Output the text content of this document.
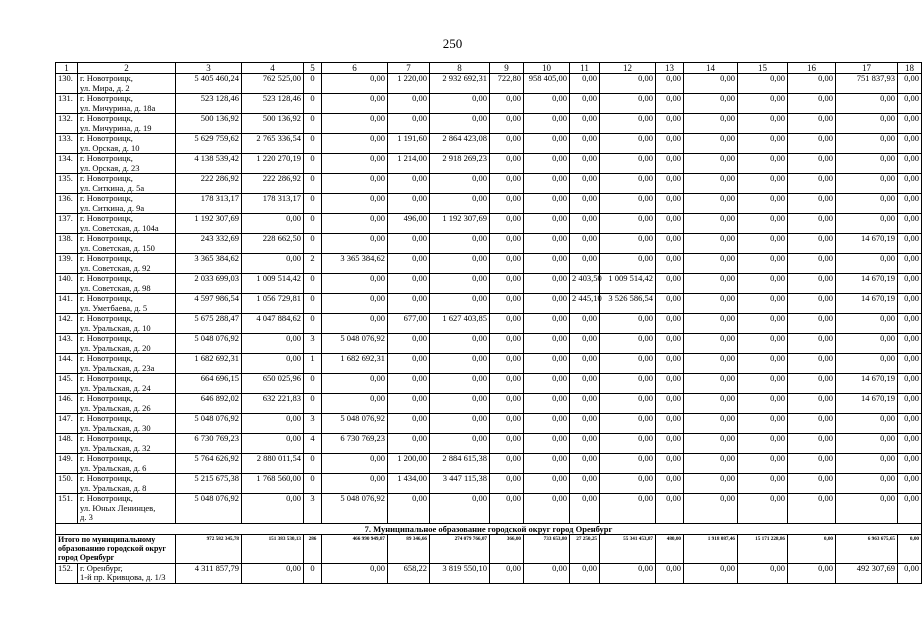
250
1	2	3	4	5	6	7	8	9	10	11	12	13	14	15	16	17	18
130.	г. Новотроицк,
ул. Мира, д. 2	5 405 460,24	762 525,00	0	0,00	1 220,00	2 932 692,31	722,80	958 405,00	0,00	0,00	0,00	0,00	0,00	0,00	751 837,93	0,00
131.	г. Новотроицк,
ул. Мичурина, д. 18а	523 128,46	523 128,46	0	0,00	0,00	0,00	0,00	0,00	0,00	0,00	0,00	0,00	0,00	0,00	0,00	0,00
132.	г. Новотроицк,
ул. Мичурина, д. 19	500 136,92	500 136,92	0	0,00	0,00	0,00	0,00	0,00	0,00	0,00	0,00	0,00	0,00	0,00	0,00	0,00
133.	г. Новотроицк,
ул. Орская, д. 10	5 629 759,62	2 765 336,54	0	0,00	1 191,60	2 864 423,08	0,00	0,00	0,00	0,00	0,00	0,00	0,00	0,00	0,00	0,00
134.	г. Новотроицк,
ул. Орская, д. 23	4 138 539,42	1 220 270,19	0	0,00	1 214,00	2 918 269,23	0,00	0,00	0,00	0,00	0,00	0,00	0,00	0,00	0,00	0,00
135.	г. Новотроицк,
ул. Ситкина, д. 5а	222 286,92	222 286,92	0	0,00	0,00	0,00	0,00	0,00	0,00	0,00	0,00	0,00	0,00	0,00	0,00	0,00
136.	г. Новотроицк,
ул. Ситкина, д. 9а	178 313,17	178 313,17	0	0,00	0,00	0,00	0,00	0,00	0,00	0,00	0,00	0,00	0,00	0,00	0,00	0,00
137.	г. Новотроицк,
ул. Советская, д. 104а	1 192 307,69	0,00	0	0,00	496,00	1 192 307,69	0,00	0,00	0,00	0,00	0,00	0,00	0,00	0,00	0,00	0,00
138.	г. Новотроицк,
ул. Советская, д. 150	243 332,69	228 662,50	0	0,00	0,00	0,00	0,00	0,00	0,00	0,00	0,00	0,00	0,00	0,00	14 670,19	0,00
139.	г. Новотроицк,
ул. Советская, д. 92	3 365 384,62	0,00	2	3 365 384,62	0,00	0,00	0,00	0,00	0,00	0,00	0,00	0,00	0,00	0,00	0,00	0,00
140.	г. Новотроицк,
ул. Советская, д. 98	2 033 699,03	1 009 514,42	0	0,00	0,00	0,00	0,00	0,00	2 403,50	1 009 514,42	0,00	0,00	0,00	0,00	14 670,19	0,00
141.	г. Новотроицк,
ул. Уметбаева, д. 5	4 597 986,54	1 056 729,81	0	0,00	0,00	0,00	0,00	0,00	2 445,10	3 526 586,54	0,00	0,00	0,00	0,00	14 670,19	0,00
142.	г. Новотроицк,
ул. Уральская, д. 10	5 675 288,47	4 047 884,62	0	0,00	677,00	1 627 403,85	0,00	0,00	0,00	0,00	0,00	0,00	0,00	0,00	0,00	0,00
143.	г. Новотроицк,
ул. Уральская, д. 20	5 048 076,92	0,00	3	5 048 076,92	0,00	0,00	0,00	0,00	0,00	0,00	0,00	0,00	0,00	0,00	0,00	0,00
144.	г. Новотроицк,
ул. Уральская, д. 23а	1 682 692,31	0,00	1	1 682 692,31	0,00	0,00	0,00	0,00	0,00	0,00	0,00	0,00	0,00	0,00	0,00	0,00
145.	г. Новотроицк,
ул. Уральская, д. 24	664 696,15	650 025,96	0	0,00	0,00	0,00	0,00	0,00	0,00	0,00	0,00	0,00	0,00	0,00	14 670,19	0,00
146.	г. Новотроицк,
ул. Уральская, д. 26	646 892,02	632 221,83	0	0,00	0,00	0,00	0,00	0,00	0,00	0,00	0,00	0,00	0,00	0,00	14 670,19	0,00
147.	г. Новотроицк,
ул. Уральская, д. 30	5 048 076,92	0,00	3	5 048 076,92	0,00	0,00	0,00	0,00	0,00	0,00	0,00	0,00	0,00	0,00	0,00	0,00
148.	г. Новотроицк,
ул. Уральская, д. 32	6 730 769,23	0,00	4	6 730 769,23	0,00	0,00	0,00	0,00	0,00	0,00	0,00	0,00	0,00	0,00	0,00	0,00
149.	г. Новотроицк,
ул. Уральская, д. 6	5 764 626,92	2 880 011,54	0	0,00	1 200,00	2 884 615,38	0,00	0,00	0,00	0,00	0,00	0,00	0,00	0,00	0,00	0,00
150.	г. Новотроицк,
ул. Уральская, д. 8	5 215 675,38	1 768 560,00	0	0,00	1 434,00	3 447 115,38	0,00	0,00	0,00	0,00	0,00	0,00	0,00	0,00	0,00	0,00
151.	г. Новотроицк,
ул. Юных Ленинцев,
д. 3	5 048 076,92	0,00	3	5 048 076,92	0,00	0,00	0,00	0,00	0,00	0,00	0,00	0,00	0,00	0,00	0,00	0,00
7. Муниципальное образование городской округ город Оренбург																	
Итого по муниципальному образованию городской округ город Оренбург		972 582 345,78	151 383 530,13	286	466 990 949,87	89 346,66	274 079 766,07	366,00	733 653,80	27 250,25	55 341 453,87	480,00	1 918 087,46	15 171 228,86	0,00	6 963 675,65	0,00
152.	г. Оренбург,
1-й пр. Кривцова, д. 1/3	4 311 857,79	0,00	0	0,00	658,22	3 819 550,10	0,00	0,00	0,00	0,00	0,00	0,00	0,00	0,00	492 307,69	0,00
